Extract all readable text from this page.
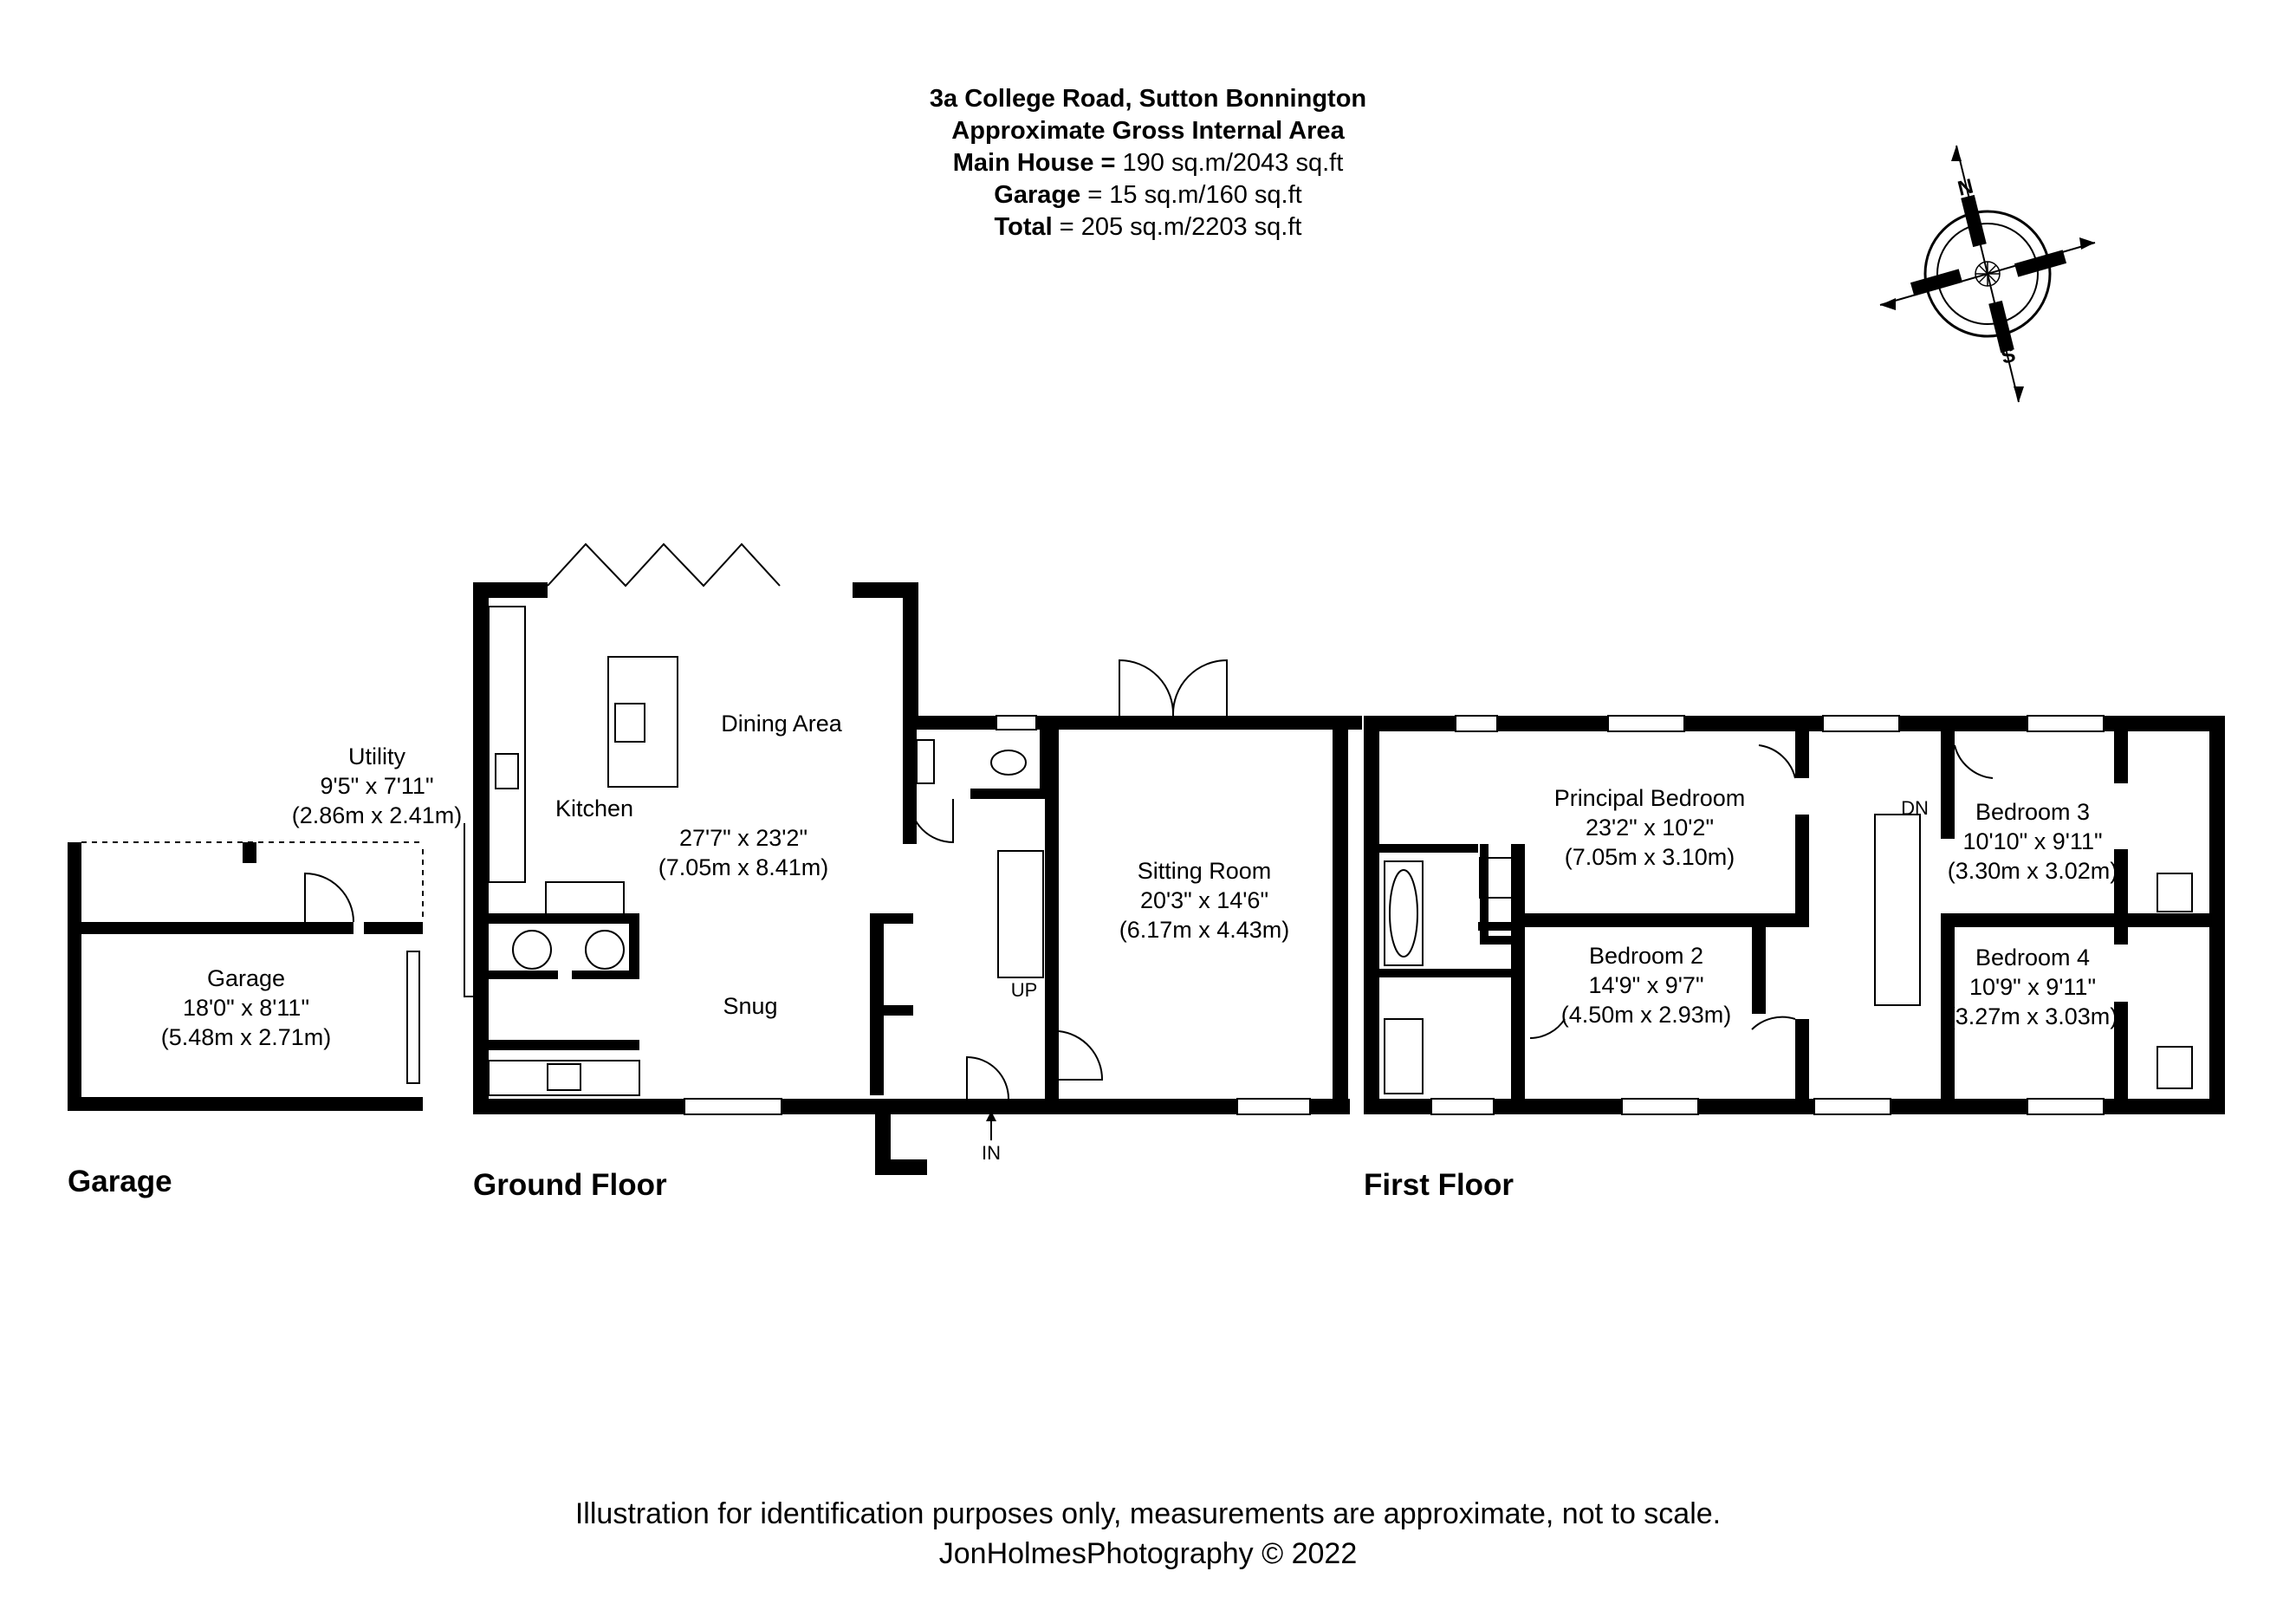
3a College Road, Sutton Bonnington
Approximate Gross Internal Area
Main House = 190 sq.m/2043 sq.ft
Garage = 15 sq.m/160 sq.ft
Total = 205 sq.m/2203 sq.ft
N
S
Utility
9'5" x 7'11"
(2.86m x 2.41m)
Garage
18'0" x 8'11"
(5.48m x 2.71m)
Dining Area
Kitchen
27'7" x 23'2"
(7.05m x 8.41m)
Snug
Sitting Room
20'3" x 14'6"
(6.17m x 4.43m)
Principal Bedroom
23'2" x 10'2"
(7.05m x 3.10m)
Bedroom 2
14'9" x 9'7"
(4.50m x 2.93m)
Bedroom 3
10'10" x 9'11"
(3.30m x 3.02m)
Bedroom 4
10'9" x 9'11"
(3.27m x 3.03m)
UP
DN
IN
Garage	Ground Floor	First Floor
Illustration for identification purposes only, measurements are approximate, not to scale.
JonHolmesPhotography © 2022
